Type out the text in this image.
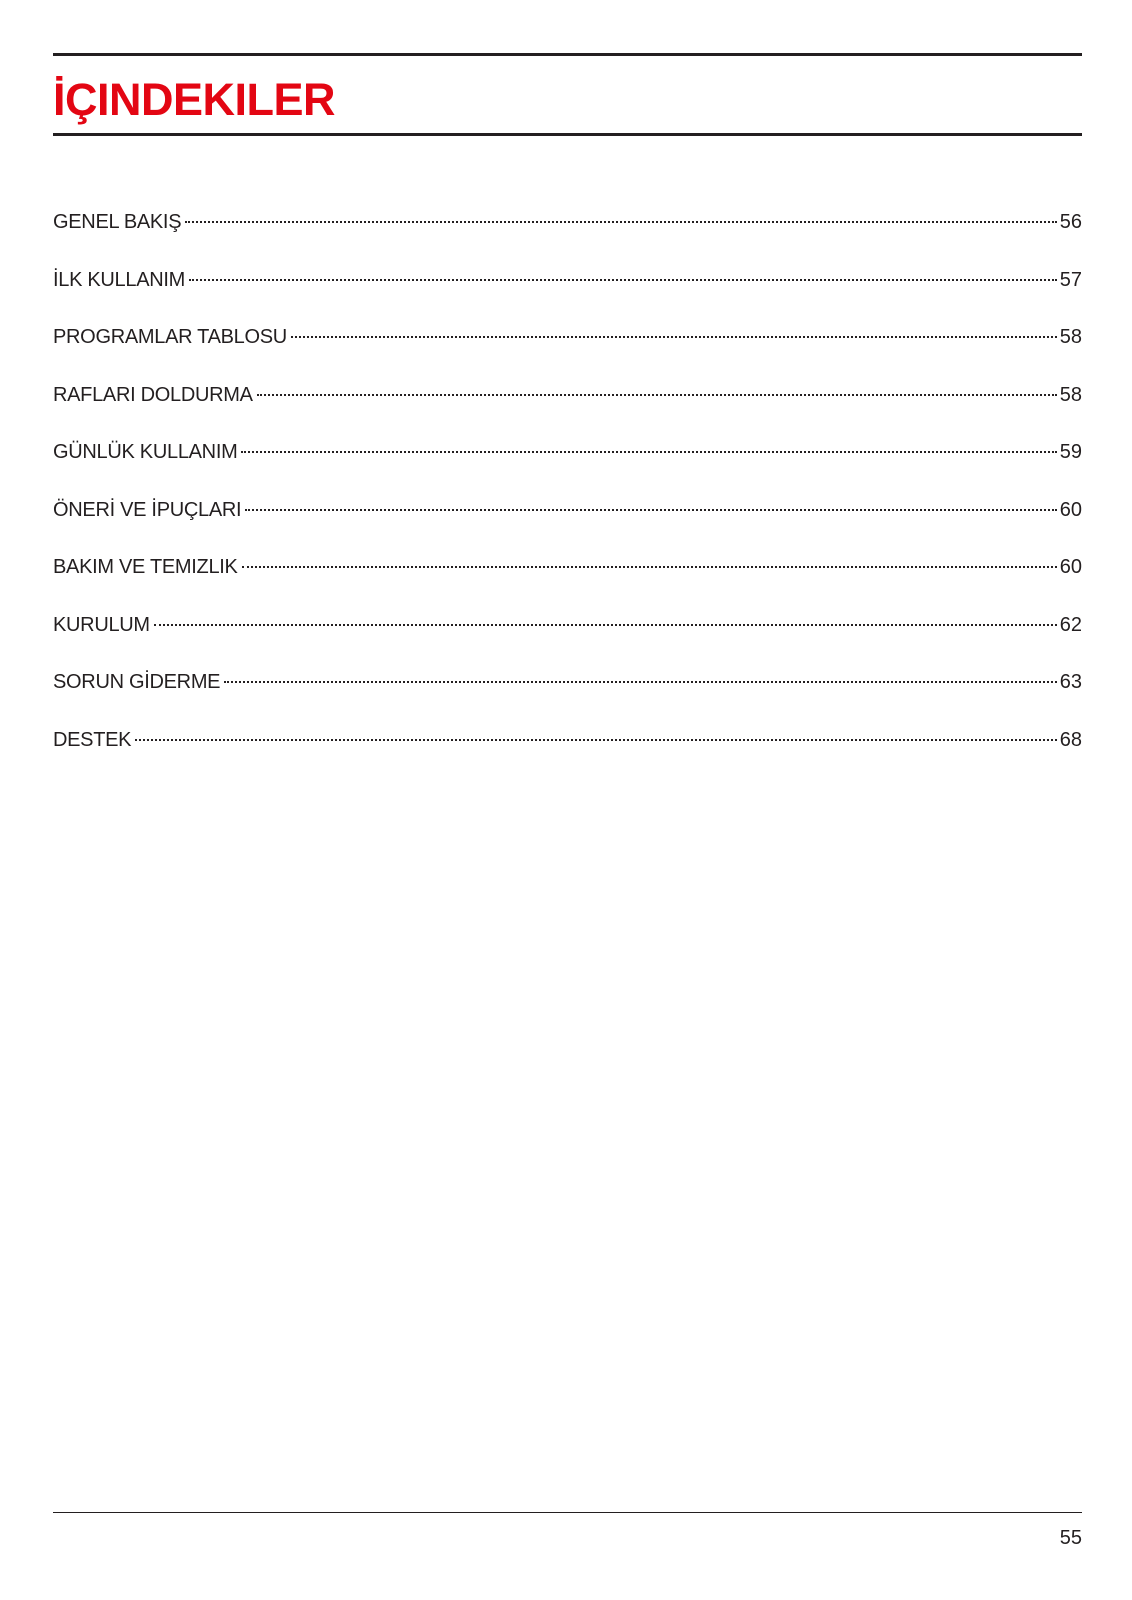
İÇINDEKILER
GENEL BAKIŞ	56
İLK KULLANIM	57
PROGRAMLAR TABLOSU	58
RAFLARI DOLDURMA	58
GÜNLÜK KULLANIM	59
ÖNERİ VE İPUÇLARI	60
BAKIM VE TEMIZLIK	60
KURULUM	62
SORUN GİDERME	63
DESTEK	68
55
